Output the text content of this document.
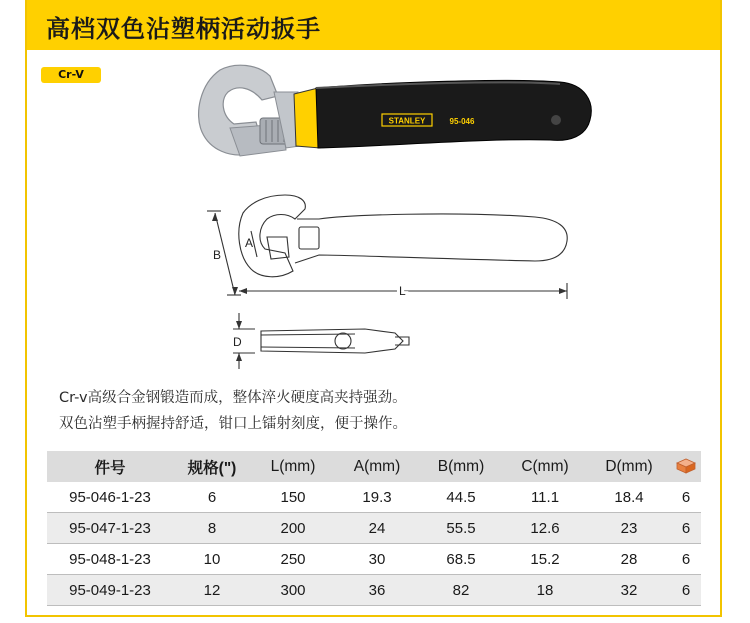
高档双色沾塑柄活动扳手
Cr-V
STANLEY	95-046
B
A
L
D
Cr-v高级合金钢锻造而成，整体淬火硬度高夹持强劲。
双色沾塑手柄握持舒适，钳口上镭射刻度，便于操作。
件号	规格(")	L(mm)	A(mm)	B(mm)	C(mm)	D(mm)	
95-046-1-23	6	150	19.3	44.5	11.1	18.4	6
95-047-1-23	8	200	24	55.5	12.6	23	6
95-048-1-23	10	250	30	68.5	15.2	28	6
95-049-1-23	12	300	36	82	18	32	6
